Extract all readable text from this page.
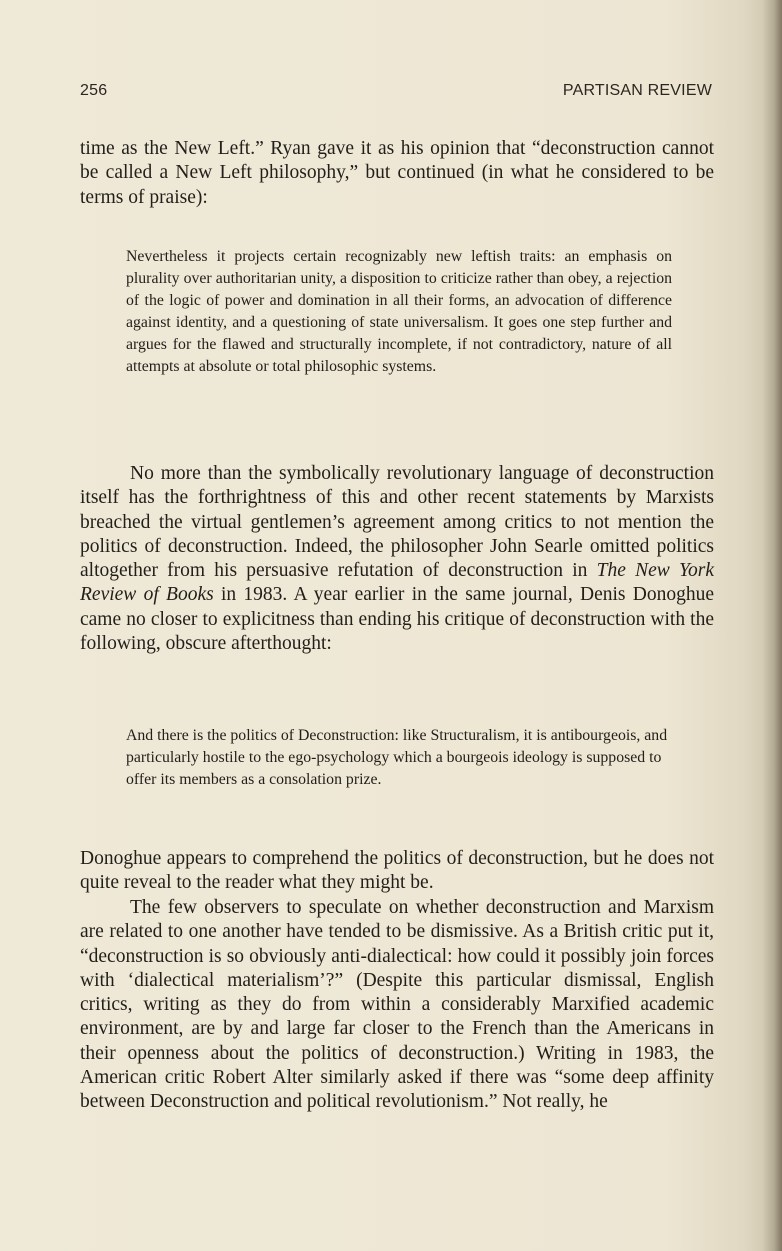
256	PARTISAN REVIEW

time as the New Left.” Ryan gave it as his opinion that “deconstruction cannot be called a New Left philosophy,” but continued (in what he considered to be terms of praise):

Nevertheless it projects certain recognizably new leftish traits: an emphasis on plurality over authoritarian unity, a disposition to criticize rather than obey, a rejection of the logic of power and domination in all their forms, an advocation of difference against identity, and a questioning of state universalism. It goes one step further and argues for the flawed and structurally incomplete, if not contradictory, nature of all attempts at absolute or total philosophic systems.

No more than the symbolically revolutionary language of deconstruction itself has the forthrightness of this and other recent statements by Marxists breached the virtual gentlemen’s agreement among critics to not mention the politics of deconstruction. Indeed, the philosopher John Searle omitted politics altogether from his persuasive refutation of deconstruction in The New York Review of Books in 1983. A year earlier in the same journal, Denis Donoghue came no closer to explicitness than ending his critique of deconstruction with the following, obscure afterthought:

And there is the politics of Deconstruction: like Structuralism, it is antibourgeois, and particularly hostile to the ego-psychology which a bourgeois ideology is supposed to offer its members as a consolation prize.

Donoghue appears to comprehend the politics of deconstruction, but he does not quite reveal to the reader what they might be.

The few observers to speculate on whether deconstruction and Marxism are related to one another have tended to be dismissive. As a British critic put it, “deconstruction is so obviously anti-dialectical: how could it possibly join forces with ‘dialectical materialism’?” (Despite this particular dismissal, English critics, writing as they do from within a considerably Marxified academic environment, are by and large far closer to the French than the Americans in their openness about the politics of deconstruction.) Writing in 1983, the American critic Robert Alter similarly asked if there was “some deep affinity between Deconstruction and political revolutionism.” Not really, he
